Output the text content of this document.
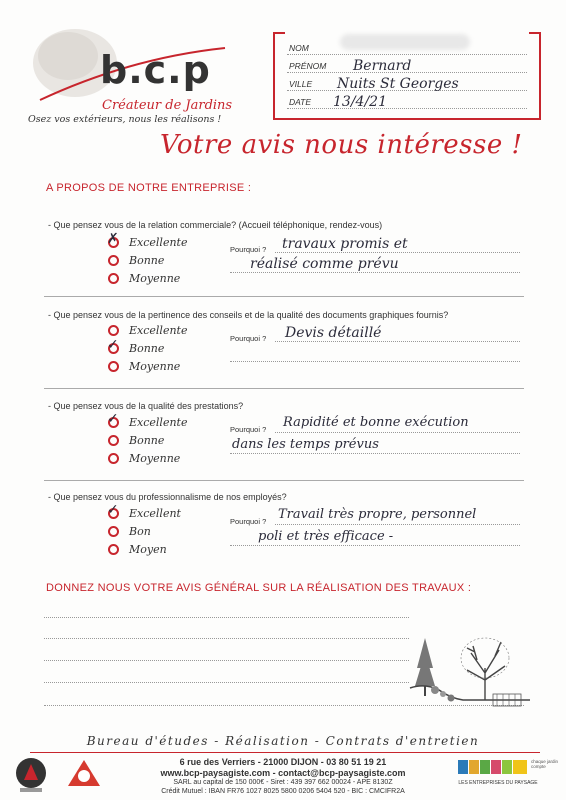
b.c.p
Créateur de Jardins
Osez vos extérieurs, nous les réalisons !
NOM
PRÉNOM Bernard
VILLE Nuits St Georges
DATE 13/4/21
Votre avis nous intéresse !
A PROPOS DE NOTRE ENTREPRISE :
- Que pensez vous de la relation commerciale? (Accueil téléphonique, rendez-vous)
✗ Excellente
Bonne
Moyenne
Pourquoi ? travaux promis et
réalisé comme prévu
- Que pensez vous de la pertinence des conseils et de la qualité des documents graphiques fournis?
Excellente
✓ Bonne
Moyenne
Pourquoi ? Devis détaillé
- Que pensez vous de la qualité des prestations?
✓ Excellente
Bonne
Moyenne
Pourquoi ? Rapidité et bonne exécution
dans les temps prévus
- Que pensez vous du professionnalisme de nos employés?
✓ Excellent
Bon
Moyen
Pourquoi ? Travail très propre, personnel
poli et très efficace -
DONNEZ NOUS VOTRE AVIS GÉNÉRAL SUR LA RÉALISATION DES TRAVAUX :
Bureau d'études - Réalisation - Contrats d'entretien
6 rue des Verriers - 21000 DIJON - 03 80 51 19 21
www.bcp-paysagiste.com - contact@bcp-paysagiste.com
SARL au capital de 150 000€ - Siret : 439 397 662 00024 - APE 8130Z
Crédit Mutuel : IBAN FR76 1027 8025 5800 0206 5404 520 - BIC : CMCIFR2A
chaque jardin compte
LES ENTREPRISES DU PAYSAGE
